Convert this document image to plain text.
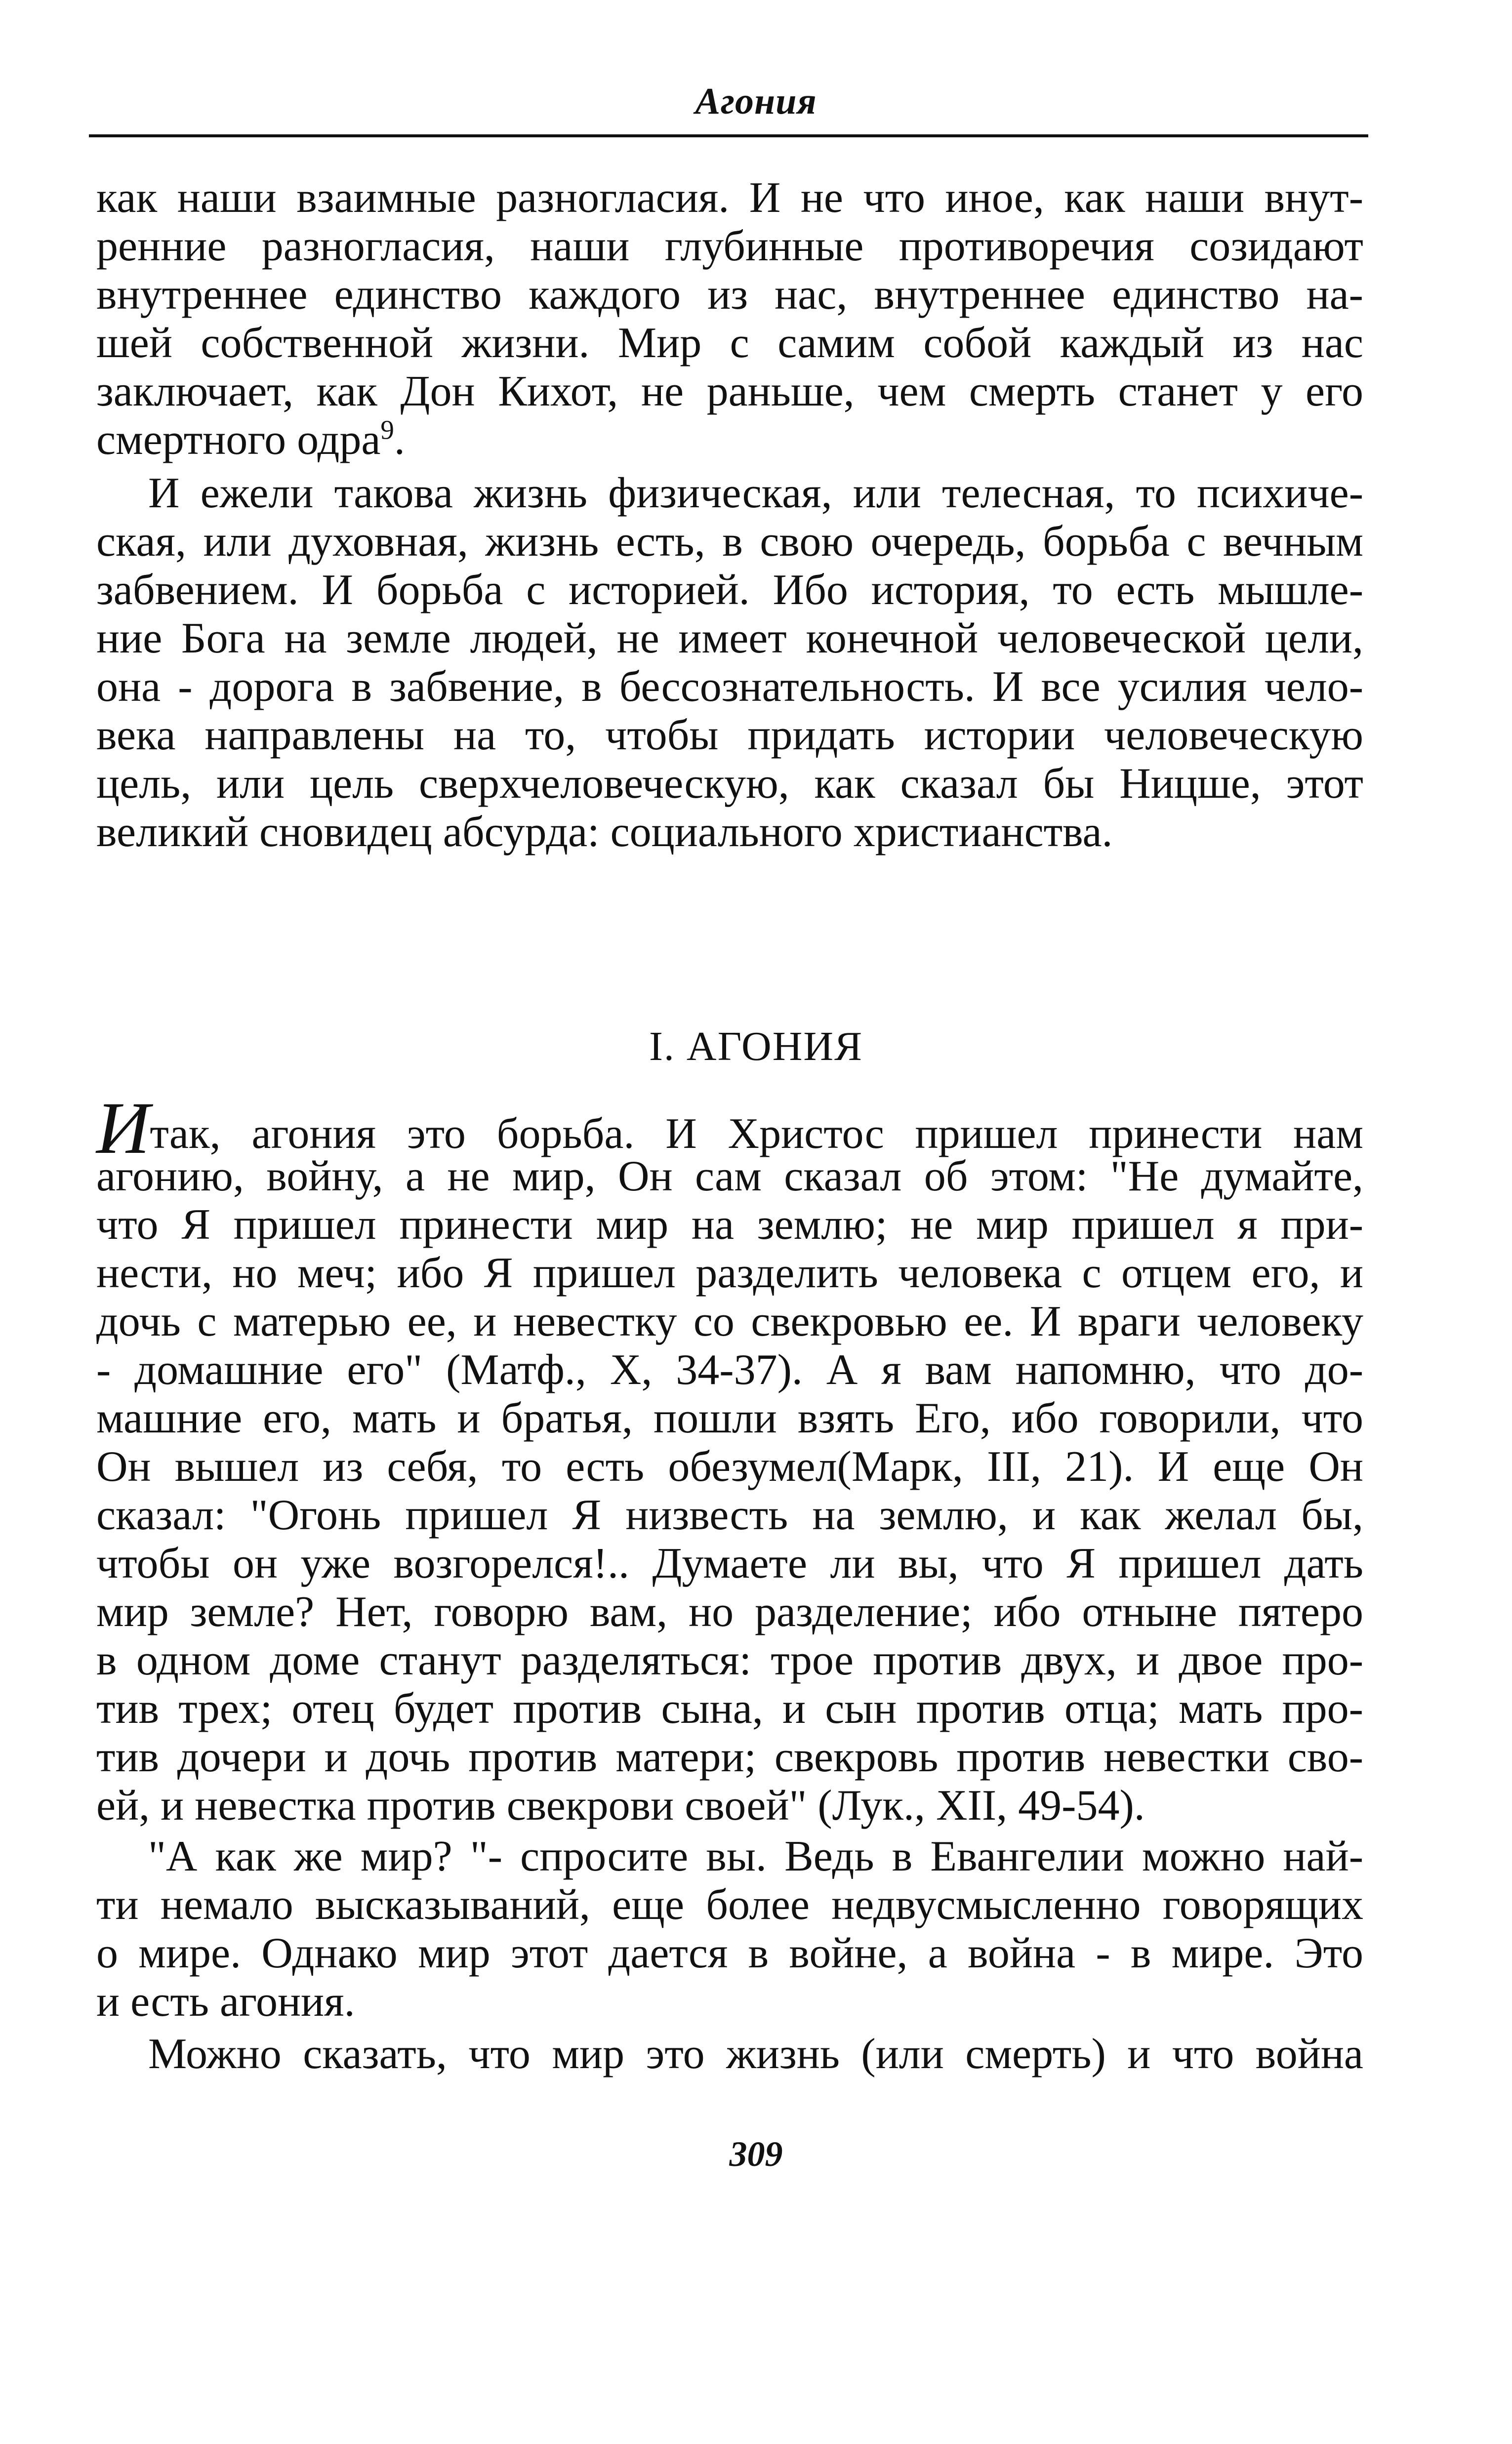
Агония
как наши взаимные разногласия. И не что иное, как наши внут-
ренние разногласия, наши глубинные противоречия созидают
внутреннее единство каждого из нас, внутреннее единство на-
шей собственной жизни. Мир с самим собой каждый из нас
заключает, как Дон Кихот, не раньше, чем смерть станет у его
смертного одра$^9$.
И ежели такова жизнь физическая, или телесная, то психиче-
ская, или духовная, жизнь есть, в свою очередь, борьба с вечным
забвением. И борьба с историей. Ибо история, то есть мышле-
ние Бога на земле людей, не имеет конечной человеческой цели,
она - дорога в забвение, в бессознательность. И все усилия чело-
века направлены на то, чтобы придать истории человеческую
цель, или цель сверхчеловеческую, как сказал бы Ницше, этот
великий сновидец абсурда: социального христианства.
I. АГОНИЯ
Итак, агония это борьба. И Христос пришел принести нам
агонию, войну, а не мир, Он сам сказал об этом: "Не думайте,
что Я пришел принести мир на землю; не мир пришел я при-
нести, но меч; ибо Я пришел разделить человека с отцем его, и
дочь с матерью ее, и невестку со свекровью ее. И враги человеку
- домашние его" (Матф., X, 34-37). А я вам напомню, что до-
машние его, мать и братья, пошли взять Его, ибо говорили, что
Он вышел из себя, то есть обезумел(Марк, III, 21). И еще Он
сказал: "Огонь пришел Я низвесть на землю, и как желал бы,
чтобы он уже возгорелся!.. Думаете ли вы, что Я пришел дать
мир земле? Нет, говорю вам, но разделение; ибо отныне пятеро
в одном доме станут разделяться: трое против двух, и двое про-
тив трех; отец будет против сына, и сын против отца; мать про-
тив дочери и дочь против матери; свекровь против невестки сво-
ей, и невестка против свекрови своей" (Лук., XII, 49-54).
"А как же мир? "- спросите вы. Ведь в Евангелии можно най-
ти немало высказываний, еще более недвусмысленно говорящих
о мире. Однако мир этот дается в войне, а война - в мире. Это
и есть агония.
Можно сказать, что мир это жизнь (или смерть) и что война
309
